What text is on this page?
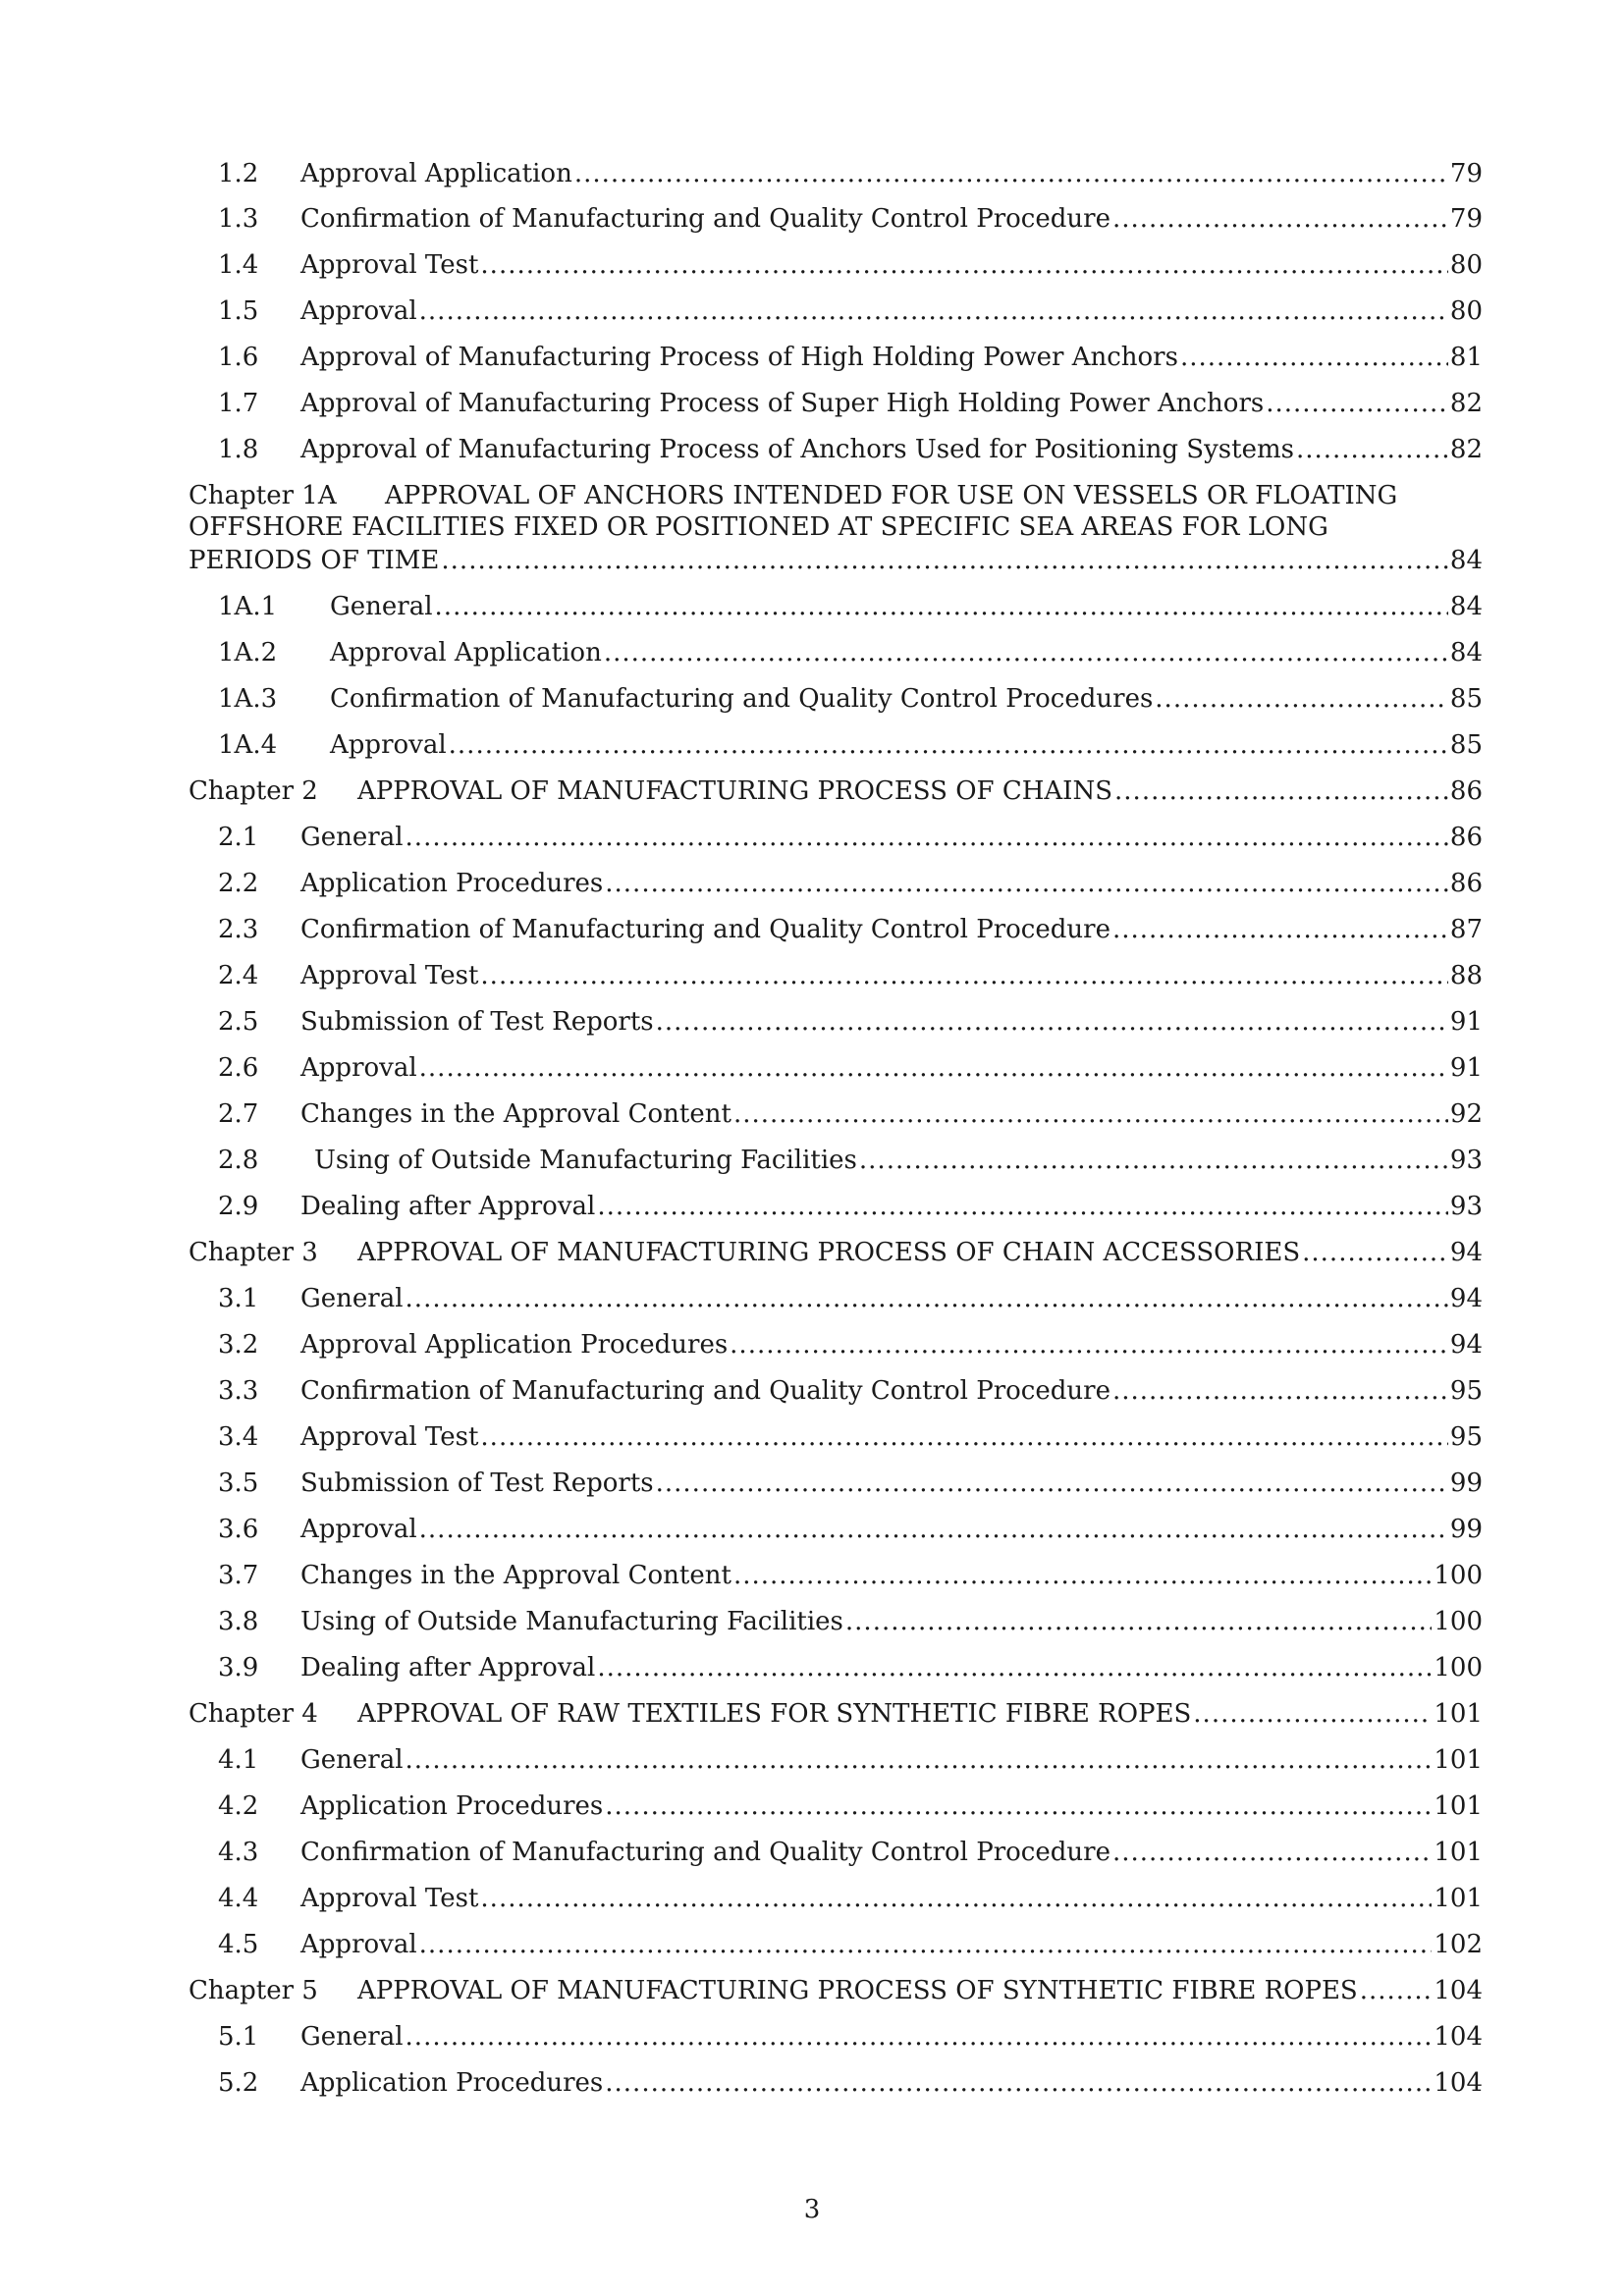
1.2 Approval Application .....	79
1.3 Confirmation of Manufacturing and Quality Control Procedure .....	79
1.4 Approval Test .....	80
1.5 Approval .....	80
1.6 Approval of Manufacturing Process of High Holding Power Anchors .....	81
1.7 Approval of Manufacturing Process of Super High Holding Power Anchors .....	82
1.8 Approval of Manufacturing Process of Anchors Used for Positioning Systems .....	82
Chapter 1A APPROVAL OF ANCHORS INTENDED FOR USE ON VESSELS OR FLOATING
OFFSHORE FACILITIES FIXED OR POSITIONED AT SPECIFIC SEA AREAS FOR LONG
PERIODS OF TIME .....	84
1A.1 General .....	84
1A.2 Approval Application .....	84
1A.3 Confirmation of Manufacturing and Quality Control Procedures .....	85
1A.4 Approval .....	85
Chapter 2 APPROVAL OF MANUFACTURING PROCESS OF CHAINS .....	86
2.1 General .....	86
2.2 Application Procedures .....	86
2.3 Confirmation of Manufacturing and Quality Control Procedure .....	87
2.4 Approval Test .....	88
2.5 Submission of Test Reports .....	91
2.6 Approval .....	91
2.7 Changes in the Approval Content .....	92
2.8 Using of Outside Manufacturing Facilities .....	93
2.9 Dealing after Approval .....	93
Chapter 3 APPROVAL OF MANUFACTURING PROCESS OF CHAIN ACCESSORIES .....	94
3.1 General .....	94
3.2 Approval Application Procedures .....	94
3.3 Confirmation of Manufacturing and Quality Control Procedure .....	95
3.4 Approval Test .....	95
3.5 Submission of Test Reports .....	99
3.6 Approval .....	99
3.7 Changes in the Approval Content .....	100
3.8 Using of Outside Manufacturing Facilities .....	100
3.9 Dealing after Approval .....	100
Chapter 4 APPROVAL OF RAW TEXTILES FOR SYNTHETIC FIBRE ROPES .....	101
4.1 General .....	101
4.2 Application Procedures .....	101
4.3 Confirmation of Manufacturing and Quality Control Procedure .....	101
4.4 Approval Test .....	101
4.5 Approval .....	102
Chapter 5 APPROVAL OF MANUFACTURING PROCESS OF SYNTHETIC FIBRE ROPES .....	104
5.1 General .....	104
5.2 Application Procedures .....	104
3
